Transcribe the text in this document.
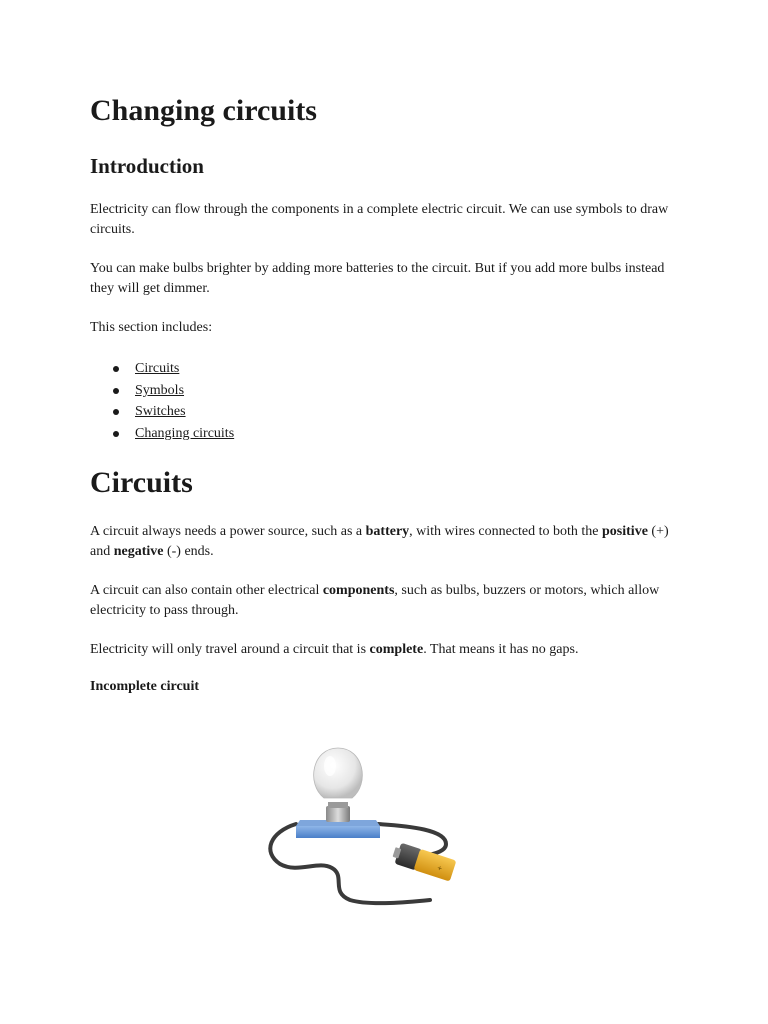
Changing circuits
Introduction

Electricity can flow through the components in a complete electric circuit. We can use symbols to draw circuits.

You can make bulbs brighter by adding more batteries to the circuit. But if you add more bulbs instead they will get dimmer.

This section includes:

Circuits
Symbols
Switches
Changing circuits
Circuits

A circuit always needs a power source, such as a battery, with wires connected to both the positive (+) and negative (-) ends.

A circuit can also contain other electrical components, such as bulbs, buzzers or motors, which allow electricity to pass through.

Electricity will only travel around a circuit that is complete. That means it has no gaps.

Incomplete circuit

+
